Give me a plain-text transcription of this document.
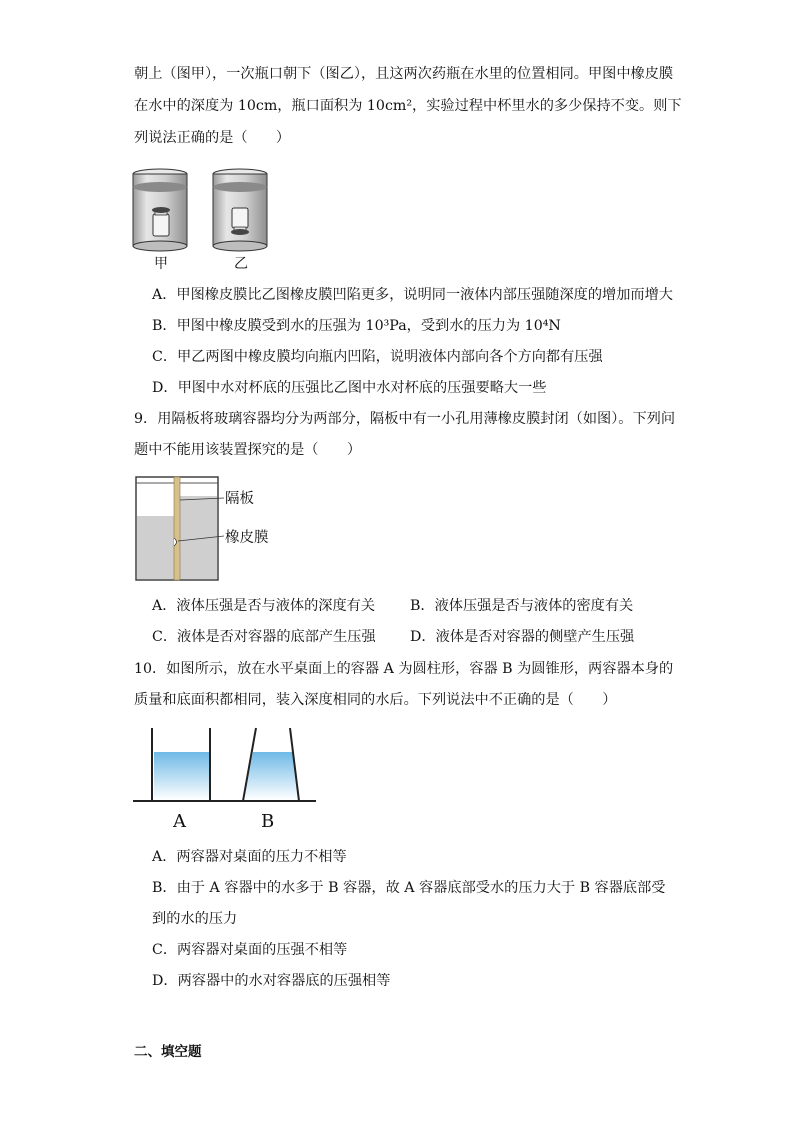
朝上（图甲），一次瓶口朝下（图乙），且这两次药瓶在水里的位置相同。甲图中橡皮膜
在水中的深度为 10cm，瓶口面积为 10cm²，实验过程中杯里水的多少保持不变。则下
列说法正确的是（　　）
甲	乙
A．甲图橡皮膜比乙图橡皮膜凹陷更多，说明同一液体内部压强随深度的增加而增大
B．甲图中橡皮膜受到水的压强为 10³Pa，受到水的压力为 10⁴N
C．甲乙两图中橡皮膜均向瓶内凹陷，说明液体内部向各个方向都有压强
D．甲图中水对杯底的压强比乙图中水对杯底的压强要略大一些
9．用隔板将玻璃容器均分为两部分，隔板中有一小孔用薄橡皮膜封闭（如图）。下列问
题中不能用该装置探究的是（　　）
隔板
橡皮膜
A．液体压强是否与液体的深度有关 B．液体压强是否与液体的密度有关
C．液体是否对容器的底部产生压强 D．液体是否对容器的侧壁产生压强
10．如图所示，放在水平桌面上的容器 A 为圆柱形，容器 B 为圆锥形，两容器本身的
质量和底面积都相同，装入深度相同的水后。下列说法中不正确的是（　　）
A	B
A．两容器对桌面的压力不相等
B．由于 A 容器中的水多于 B 容器，故 A 容器底部受水的压力大于 B 容器底部受
到的水的压力
C．两容器对桌面的压强不相等
D．两容器中的水对容器底的压强相等
二、填空题
